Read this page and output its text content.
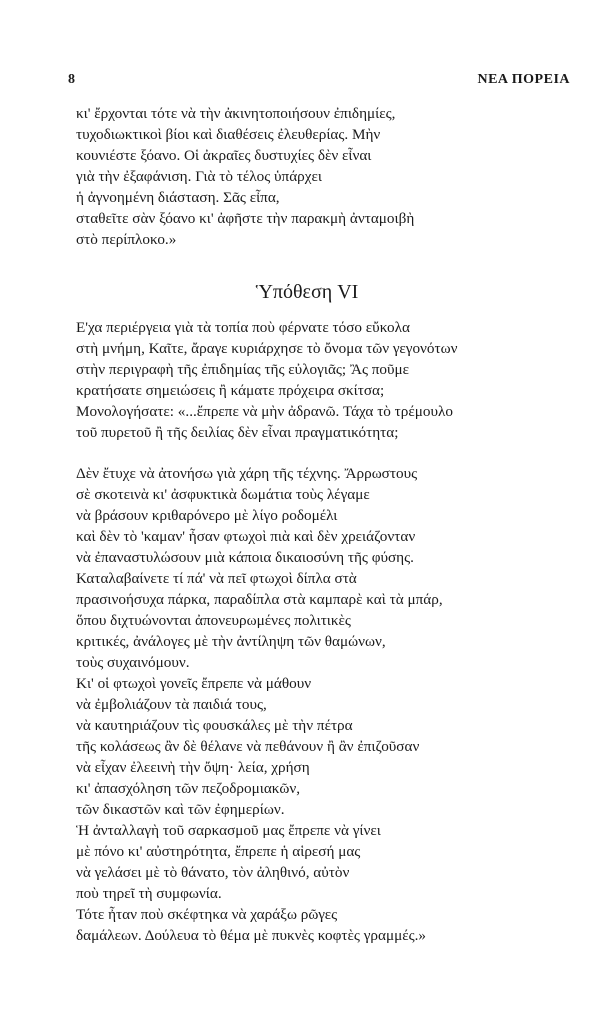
8	ΝΕΑ ΠΟΡΕΙΑ
κι' ἔρχονται τότε νὰ τὴν ἀκινητοποιήσουν ἐπιδημίες,
τυχοδιωκτικοὶ βίοι καὶ διαθέσεις ἐλευθερίας. Μὴν
κουνιέστε ξόανο. Οἱ ἀκραῖες δυστυχίες δὲν εἶναι
γιὰ τὴν ἐξαφάνιση. Γιὰ τὸ τέλος ὑπάρχει
ἡ ἀγνοημένη διάσταση. Σᾶς εἶπα,
σταθεῖτε σὰν ξόανο κι' ἀφῆστε τὴν παρακμὴ ἀνταμοιβὴ
στὸ περίπλοκο.»
Ὑπόθεση VI
Ε'χα περιέργεια γιὰ τὰ τοπία ποὺ φέρνατε τόσο εὔκολα
στὴ μνήμη, Καῖτε, ἄραγε κυριάρχησε τὸ ὄνομα τῶν γεγονότων
στὴν περιγραφὴ τῆς ἐπιδημίας τῆς εὐλογιᾶς; Ἂς ποῦμε
κρατήσατε σημειώσεις ἢ κάματε πρόχειρα σκίτσα;
Μονολογήσατε: «...ἔπρεπε νὰ μὴν ἀδρανῶ. Τάχα τὸ τρέμουλο
τοῦ πυρετοῦ ἢ τῆς δειλίας δὲν εἶναι πραγματικότητα;
Δὲν ἔτυχε νὰ ἀτονήσω γιὰ χάρη τῆς τέχνης. Ἄρρωστους
σὲ σκοτεινὰ κι' ἀσφυκτικὰ δωμάτια τοὺς λέγαμε
νὰ βράσουν κριθαρόνερο μὲ λίγο ροδομέλι
καὶ δὲν τὸ 'καμαν' ἦσαν φτωχοὶ πιὰ καὶ δὲν χρειάζονταν
νὰ ἐπαναστυλώσουν μιὰ κάποια δικαιοσύνη τῆς φύσης.
Καταλαβαίνετε τί πά' νὰ πεῖ φτωχοὶ δίπλα στὰ
πρασινοήσυχα πάρκα, παραδίπλα στὰ καμπαρὲ καὶ τὰ μπάρ,
ὅπου διχτυώνονται ἀπονευρωμένες πολιτικὲς
κριτικές, ἀνάλογες μὲ τὴν ἀντίληψη τῶν θαμώνων,
τοὺς συχαινόμουν.
Κι' οἱ φτωχοὶ γονεῖς ἔπρεπε νὰ μάθουν
νὰ ἐμβολιάζουν τὰ παιδιά τους,
νὰ καυτηριάζουν τὶς φουσκάλες μὲ τὴν πέτρα
τῆς κολάσεως ἂν δὲ θέλανε νὰ πεθάνουν ἢ ἂν ἐπιζοῦσαν
νὰ εἶχαν ἐλεεινὴ τὴν ὄψη· λεία, χρήση
κι' ἀπασχόληση τῶν πεζοδρομιακῶν,
τῶν δικαστῶν καὶ τῶν ἐφημερίων.
Ἡ ἀνταλλαγὴ τοῦ σαρκασμοῦ μας ἔπρεπε νὰ γίνει
μὲ πόνο κι' αὐστηρότητα, ἔπρεπε ἡ αἱρεσή μας
νὰ γελάσει μὲ τὸ θάνατο, τὸν ἀληθινό, αὐτὸν
ποὺ τηρεῖ τὴ συμφωνία.
Τότε ἦταν ποὺ σκέφτηκα νὰ χαράξω ρῶγες
δαμάλεων. Δούλευα τὸ θέμα μὲ πυκνὲς κοφτὲς γραμμές.»
